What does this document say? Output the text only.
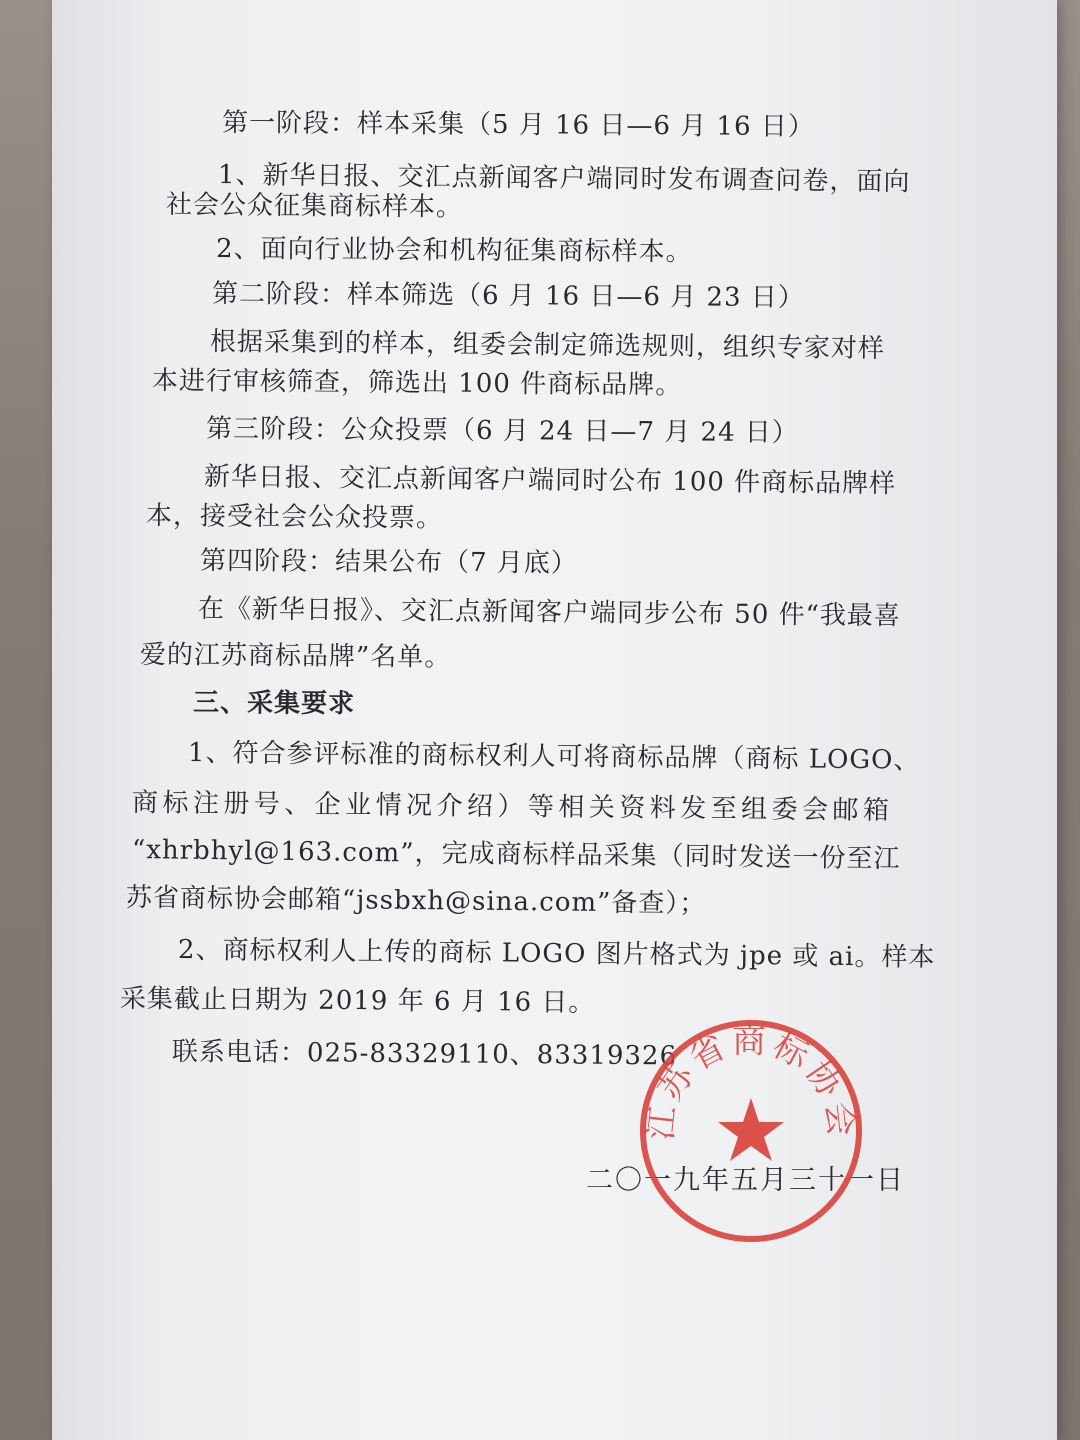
第一阶段：样本采集（5 月 16 日—6 月 16 日）
1、新华日报、交汇点新闻客户端同时发布调查问卷，面向
社会公众征集商标样本。
2、面向行业协会和机构征集商标样本。
第二阶段：样本筛选（6 月 16 日—6 月 23 日）
根据采集到的样本，组委会制定筛选规则，组织专家对样
本进行审核筛查，筛选出 100 件商标品牌。
第三阶段：公众投票（6 月 24 日—7 月 24 日）
新华日报、交汇点新闻客户端同时公布 100 件商标品牌样
本，接受社会公众投票。
第四阶段：结果公布（7 月底）
在《新华日报》、交汇点新闻客户端同步公布 50 件“我最喜
爱的江苏商标品牌”名单。
三、采集要求
1、符合参评标准的商标权利人可将商标品牌（商标 LOGO、
商标注册号、企业情况介绍）等相关资料发至组委会邮箱
“xhrbhyl@163.com”，完成商标样品采集（同时发送一份至江
苏省商标协会邮箱“jssbxh@sina.com”备查）；
2、商标权利人上传的商标 LOGO 图片格式为 jpe 或 ai。样本
采集截止日期为 2019 年 6 月 16 日。
联系电话：025-83329110、83319326
二〇一九年五月三十一日
江苏省商标协会
